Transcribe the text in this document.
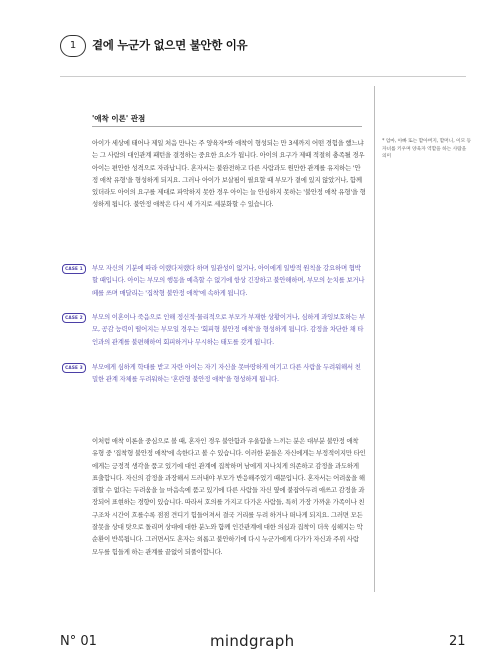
1	곁에 누군가 없으면 불안한 이유
'애착 이론' 관점

아이가 세상에 태어나 제일 처음 만나는 주 양육자*와 애착이 형성되는 만 3세까지 어떤 경험을 했느냐는 그 사람의 대인관계 패턴을 결정하는 중요한 요소가 됩니다. 아이의 요구가 제때 적절히 충족될 경우 아이는 편안한 성격으로 자라납니다. 혼자서는 불완전하고 다른 사람과도 원만한 관계를 유지하는 '안정 애착 유형'을 형성하게 되지요. 그러나 아이가 보살핌이 필요할 때 부모가 곁에 있지 않았거나, 함께 있더라도 아이의 요구를 제대로 파악하지 못한 경우 아이는 늘 안심하지 못하는 '불안정 애착 유형'을 형성하게 됩니다. 불안정 애착은 다시 세 가지로 세분화할 수 있습니다.

* 엄마, 아빠 또는 할아버지, 할머니, 이모 등 자녀를 키우며 양육자 역할을 하는 사람을 의미
CASE 1	부모 자신의 기분에 따라 이랬다저랬다 하며 일관성이 없거나, 아이에게 일방적 원칙을 강요하며 협박할 때입니다. 아이는 부모의 행동을 예측할 수 없기에 항상 긴장하고 불안해하며, 부모의 눈치를 보거나 떼를 쓰며 매달리는 '집착형 불안정 애착'에 속하게 됩니다.

CASE 2	부모의 이혼이나 죽음으로 인해 정신적·물리적으로 부모가 부재한 상황이거나, 심하게 과잉보호하는 부모, 공감 능력이 떨어지는 부모일 경우는 '회피형 불안정 애착'을 형성하게 됩니다. 감정을 차단한 채 타인과의 관계를 불편해하여 회피하거나 무시하는 태도를 갖게 됩니다.

CASE 3	부모에게 심하게 학대를 받고 자란 아이는 자기 자신을 못마땅하게 여기고 다른 사람을 두려워해서 친밀한 관계 자체를 두려워하는 '혼란형 불안정 애착'을 형성하게 됩니다.

이처럼 애착 이론을 중심으로 볼 때, 혼자인 경우 불안함과 우울함을 느끼는 분은 대부분 불안정 애착 유형 중 '집착형 불안정 애착'에 속한다고 볼 수 있습니다. 이러한 분들은 자신에게는 부정적이지만 타인에게는 긍정적 생각을 품고 있기에 대인 관계에 집착하며 남에게 지나치게 의존하고 감정을 과도하게 표출합니다. 자신의 감정을 과장해서 드러내야 부모가 반응해주었기 때문입니다. 혼자서는 어려움을 해결할 수 없다는 두려움을 늘 마음속에 품고 있기에 다른 사람들 자신 옆에 붙잡아두려 애쓰고 감정을 과장되어 표현하는 경향이 있습니다. 따라서 호의를 가지고 다가온 사람들, 특히 가장 가까운 가족이나 친구조차 시간이 흐를수록 점점 견디기 힘들어져서 결국 거리를 두려 하거나 떠나게 되지요. 그러면 모든 잘못을 상대 탓으로 돌리며 상대에 대한 분노와 함께 인간관계에 대한 의심과 집착이 더욱 심해지는 악순환이 반복됩니다. 그러면서도 혼자는 외롭고 불안하기에 다시 누군가에게 다가가 자신과 주위 사람 모두를 힘들게 하는 관계를 끝없이 되풀이합니다.

N° 01	mindgraph	21
